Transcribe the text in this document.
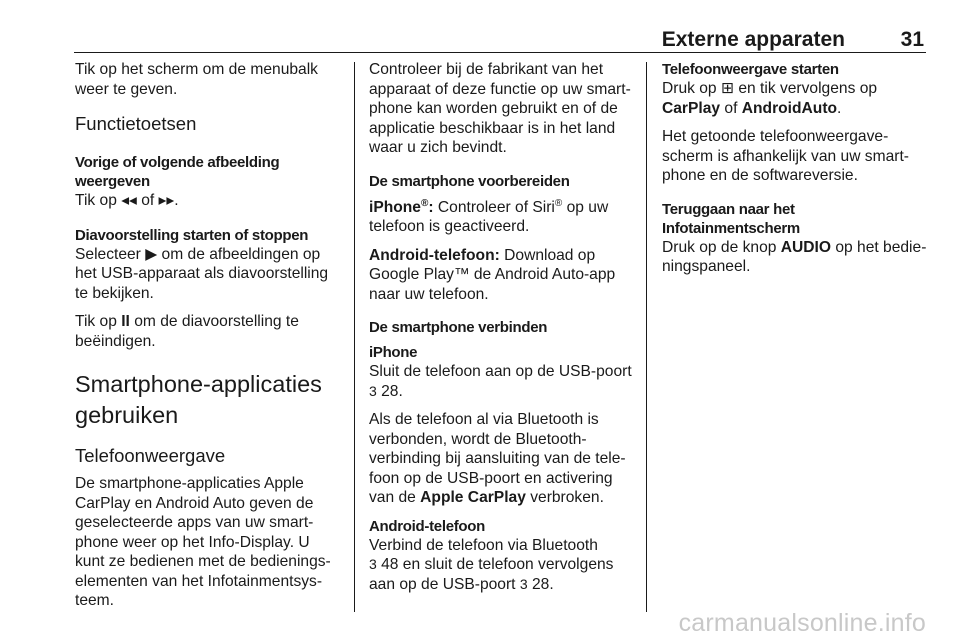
Externe apparaten	31

Tik op het scherm om de menubalk
weer te geven.

Functietoetsen
Vorige of volgende afbeelding
weergeven

Tik op ◂◂ of ▸▸.

Diavoorstelling starten of stoppen

Selecteer ▶ om de afbeeldingen op
het USB-apparaat als diavoorstelling
te bekijken.

Tik op II om de diavoorstelling te
beëindigen.

Smartphone-applicaties
gebruiken
Telefoonweergave

De smartphone-applicaties Apple
CarPlay en Android Auto geven de
geselecteerde apps van uw smart-
phone weer op het Info-Display. U
kunt ze bedienen met de bedienings-
elementen van het Infotainmentsys-
teem.

Controleer bij de fabrikant van het
apparaat of deze functie op uw smart-
phone kan worden gebruikt en of de
applicatie beschikbaar is in het land
waar u zich bevindt.

De smartphone voorbereiden

iPhone®: Controleer of Siri® op uw
telefoon is geactiveerd.

Android-telefoon: Download op
Google Play™ de Android Auto-app
naar uw telefoon.

De smartphone verbinden
iPhone

Sluit de telefoon aan op de USB-poort
3 28.

Als de telefoon al via Bluetooth is
verbonden, wordt de Bluetooth-
verbinding bij aansluiting van de tele-
foon op de USB-poort en activering
van de Apple CarPlay verbroken.

Android-telefoon

Verbind de telefoon via Bluetooth
3 48 en sluit de telefoon vervolgens
aan op de USB-poort 3 28.

Telefoonweergave starten

Druk op ⊞ en tik vervolgens op
CarPlay of AndroidAuto.

Het getoonde telefoonweergave-
scherm is afhankelijk van uw smart-
phone en de softwareversie.

Teruggaan naar het
Infotainmentscherm

Druk op de knop AUDIO op het bedie-
ningspaneel.

carmanualsonline.info
